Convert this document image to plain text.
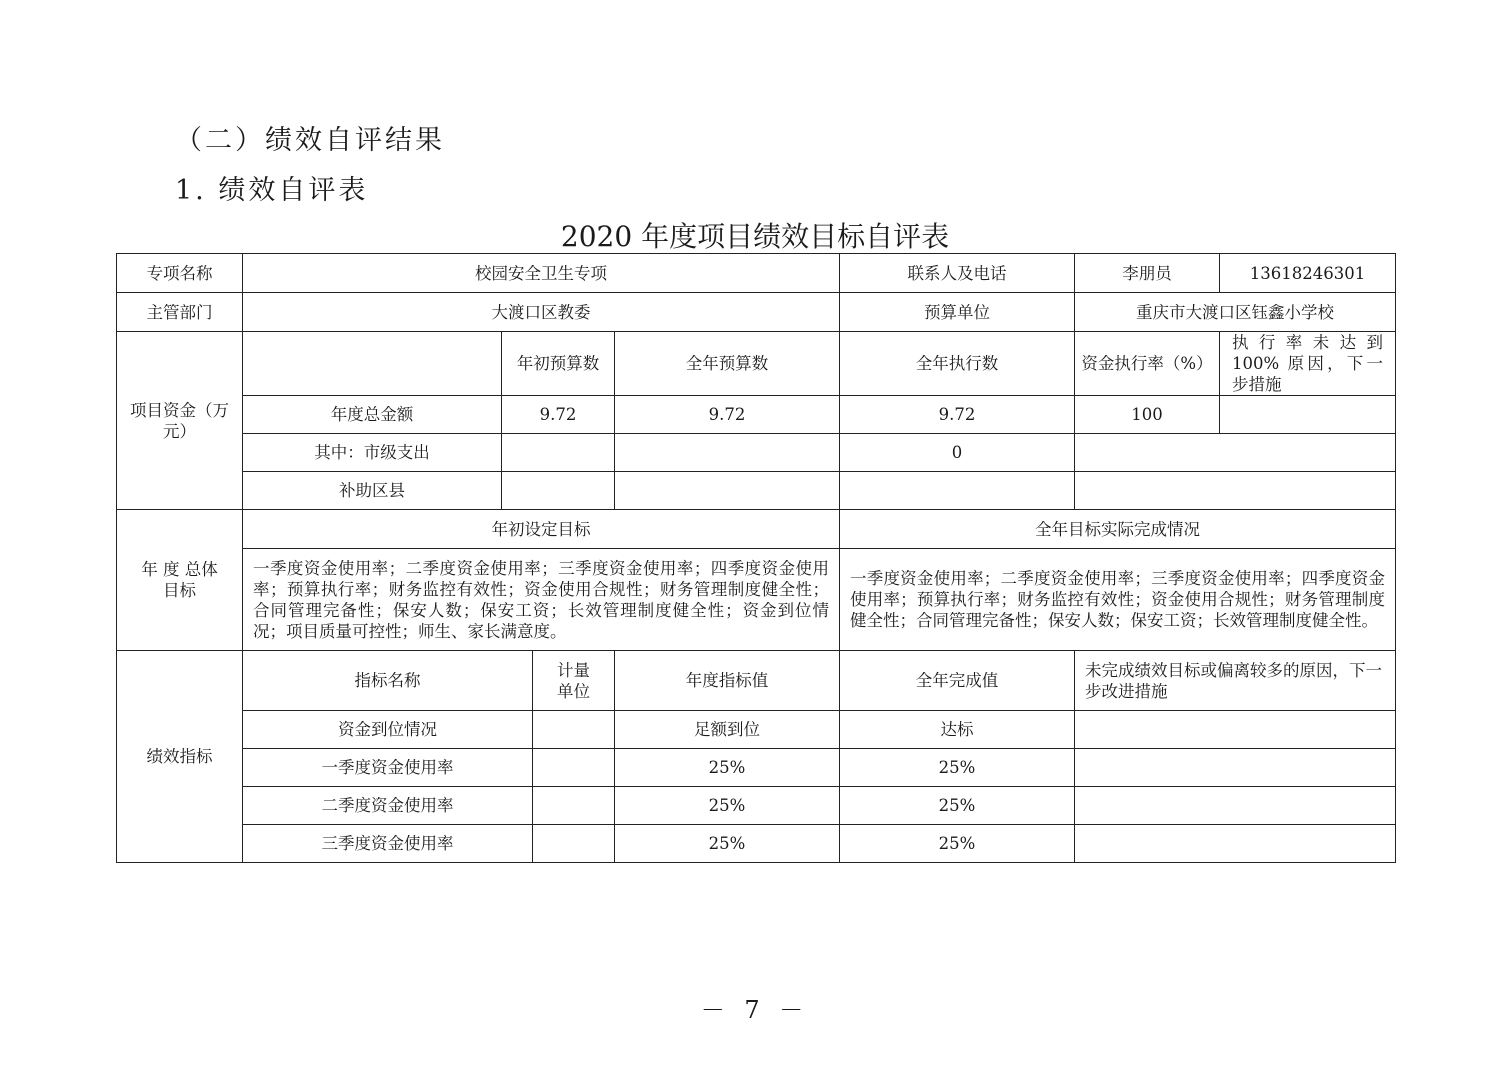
（二）绩效自评结果
1. 绩效自评表
2020 年度项目绩效目标自评表
专项名称	校园安全卫生专项				联系人及电话	李朋员	13618246301
主管部门	大渡口区教委				预算单位	重庆市大渡口区钰鑫小学校	
项目资金（万元）		年初预算数		全年预算数	全年执行数	资金执行率（%）	执行率未达到 100% 原因，下一步措施
	年度总金额	9.72		9.72	9.72	100	
	其中：市级支出				0		
	补助区县						
年 度 总体目标	年初设定目标				全年目标实际完成情况		
	一季度资金使用率；二季度资金使用率；三季度资金使用率；四季度资金使用率；预算执行率；财务监控有效性；资金使用合规性；财务管理制度健全性；合同管理完备性；保安人数；保安工资；长效管理制度健全性；资金到位情况；项目质量可控性；师生、家长满意度。				一季度资金使用率；二季度资金使用率；三季度资金使用率；四季度资金使用率；预算执行率；财务监控有效性；资金使用合规性；财务管理制度健全性；合同管理完备性；保安人数；保安工资；长效管理制度健全性。		
绩效指标	指标名称		计量单位	年度指标值	全年完成值	未完成绩效目标或偏离较多的原因，下一步改进措施	
	资金到位情况			足额到位	达标		
	一季度资金使用率			25%	25%		
	二季度资金使用率			25%	25%		
	三季度资金使用率			25%	25%		
－ 7 －
